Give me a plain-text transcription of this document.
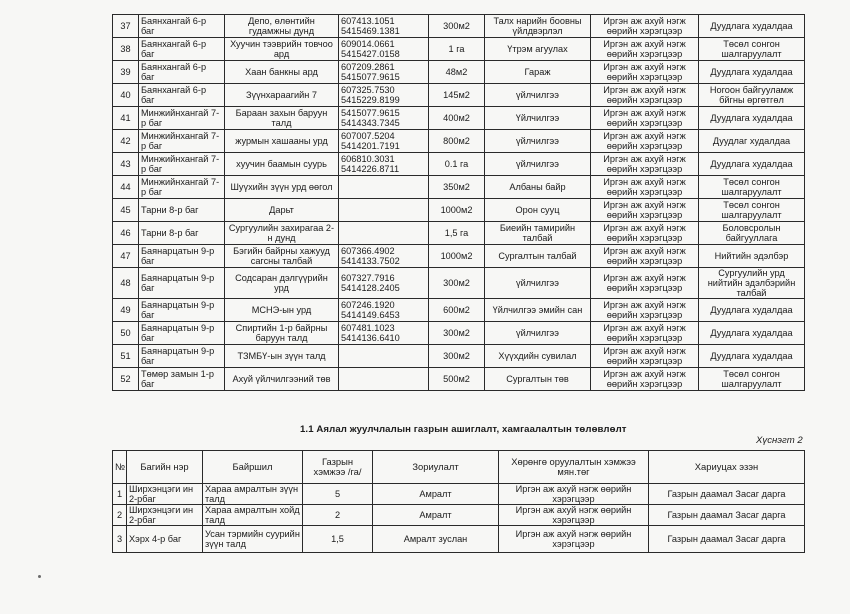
37	Баянхангай 6-р баг	Депо, өлөнтийн гудамжны дунд	607413.1051
5415469.1381	300м2	Талх нарийн боовны үйлдвэрлэл	Иргэн аж ахуй нэгж өөрийн хэрэгцээр	Дуудлага худалдаа
38	Баянхангай 6-р баг	Хуучин тээврийн товчоо ард	609014.0661
5415427.0158	1 га	Үтрэм агуулах	Иргэн аж ахуй нэгж өөрийн хэрэгцээр	Төсөл сонгон шалгаруулалт
39	Баянхангай 6-р баг	Хаан банкны ард	607209.2861
5415077.9615	48м2	Гараж	Иргэн аж ахуй нэгж өөрийн хэрэгцээр	Дуудлага худалдаа
40	Баянхангай 6-р баг	Зүүнхараагийн 7	607325.7530
5415229.8199	145м2	үйлчилгээ	Иргэн аж ахуй нэгж өөрийн хэрэгцээр	Ногоон байгууламж бйгны өргөтгөл
41	Минжийнхангай 7-р баг	Бараан захын баруун талд	5415077.9615
5414343.7345	400м2	Үйлчилгээ	Иргэн аж ахуй нэгж өөрийн хэрэгцээр	Дуудлага худалдаа
42	Минжийнхангай 7-р баг	журмын хашааны урд	607007.5204
5414201.7191	800м2	үйлчилгээ	Иргэн аж ахуй нэгж өөрийн хэрэгцээр	Дуудлаг худалдаа
43	Минжийнхангай 7-р баг	хуучин баамын суурь	606810.3031
5414226.8711	0.1 га	үйлчилгээ	Иргэн аж ахуй нэгж өөрийн хэрэгцээр	Дуудлага худалдаа
44	Минжийнхангай 7-р баг	Шуүхийн зүүн урд өөгол		350м2	Албаны байр	Иргэн аж ахуй нэгж өөрийн хэрэгцээр	Төсөл сонгон шалгаруулалт
45	Тарни 8-р баг	Дарьт		1000м2	Орон сууц	Иргэн аж ахуй нэгж өөрийн хэрэгцээр	Төсөл сонгон шалгаруулалт
46	Тарни 8-р баг	Сургуулийн захирагаа 2-н дунд		1,5 га	Биеийн тамирийн талбай	Иргэн аж ахуй нэгж өөрийн хэрэгцээр	Боловсролын байгууллага
47	Баянарцатын 9-р баг	Бэгийн байрны хажууд сагсны талбай	607366.4902
5414133.7502	1000м2	Сургалтын талбай	Иргэн аж ахуй нэгж өөрийн хэрэгцээр	Нийтийн эдэлбэр
48	Баянарцатын 9-р баг	Содсаран дэлгүүрийн урд	607327.7916
5414128.2405	300м2	үйлчилгээ	Иргэн аж ахуй нэгж өөрийн хэрэгцээр	Сургуулийн урд нийтийн эдэлбэрийн талбай
49	Баянарцатын 9-р баг	МСНЭ-ын урд	607246.1920
5414149.6453	600м2	Үйлчилгээ эмийн сан	Иргэн аж ахуй нэгж өөрийн хэрэгцээр	Дуудлага худалдаа
50	Баянарцатын 9-р баг	Спиртийн 1-р байрны баруун талд	607481.1023
5414136.6410	300м2	үйлчилгээ	Иргэн аж ахуй нэгж өөрийн хэрэгцээр	Дуудлага худалдаа
51	Баянарцатын 9-р баг	ТЗМБҮ-ын зүүн талд		300м2	Хүүхдийн сувилал	Иргэн аж ахуй нэгж өөрийн хэрэгцээр	Дуудлага худалдаа
52	Төмөр замын 1-р баг	Ахуй үйлчилгээний төв		500м2	Сургалтын төв	Иргэн аж ахуй нэгж өөрийн хэрэгцээр	Төсөл сонгон шалгаруулалт
1.1 Аялал жуулчлалын газрын ашиглалт, хамгаалалтын төлөвлөлт
Хүснэгт 2
№	Багийн нэр	Байршил	Газрын хэмжээ /га/	Зориулалт	Хөрөнгө оруулалтын хэмжээ мян.төг	Хариуцах эзэн
1	Ширхэнцэги ин 2-рбаг	Хараа амралтын зүүн талд	5	Амралт	Иргэн аж ахуй нэгж өөрийн хэрэгцээр	Газрын даамал Засаг дарга
2	Ширхэнцэги ин 2-рбаг	Хараа амралтын хойд талд	2	Амралт	Иргэн аж ахуй нэгж өөрийн хэрэгцээр	Газрын даамал Засаг дарга
3	Хэрх 4-р баг	Усан тэрмийн суурийн зүүн талд	1,5	Амралт зуслан	Иргэн аж ахуй нэгж өөрийн хэрэгцээр	Газрын даамал Засаг дарга
